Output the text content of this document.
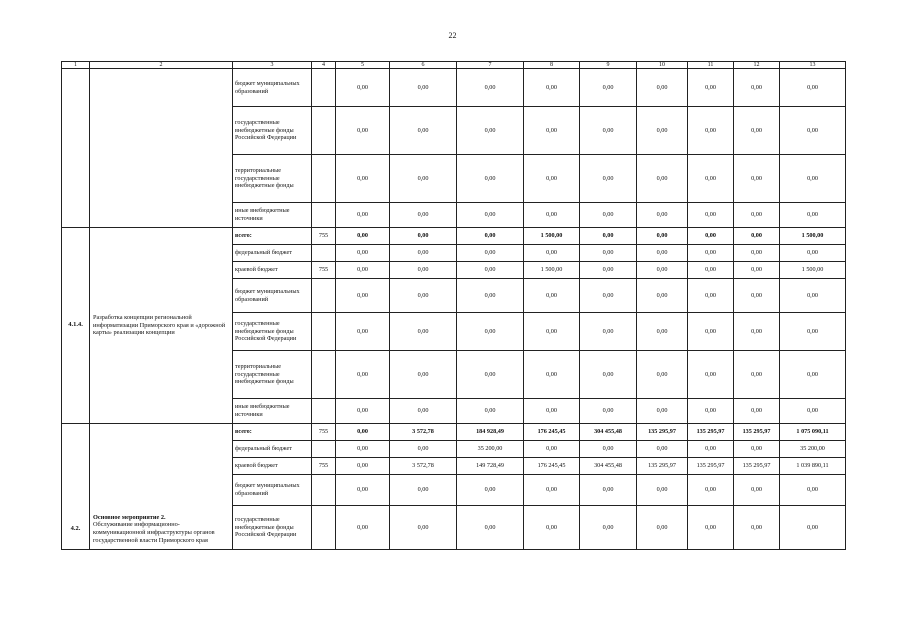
22
1	2	3	4	5	6	7	8	9	10	11	12	13
		бюджет муниципальных образований		0,00	0,00	0,00	0,00	0,00	0,00	0,00	0,00	0,00
		государственные внебюджетные фонды Российской Федерации		0,00	0,00	0,00	0,00	0,00	0,00	0,00	0,00	0,00
		территориальные государственные внебюджетные фонды		0,00	0,00	0,00	0,00	0,00	0,00	0,00	0,00	0,00
		иные внебюджетные источники		0,00	0,00	0,00	0,00	0,00	0,00	0,00	0,00	0,00
4.1.4.	Разработка концепции региональной информатизации Приморского края и «дорожной карты» реализации концепции	всего:	755	0,00	0,00	0,00	1 500,00	0,00	0,00	0,00	0,00	1 500,00
		федеральный бюджет		0,00	0,00	0,00	0,00	0,00	0,00	0,00	0,00	0,00
		краевой бюджет	755	0,00	0,00	0,00	1 500,00	0,00	0,00	0,00	0,00	1 500,00
		бюджет муниципальных образований		0,00	0,00	0,00	0,00	0,00	0,00	0,00	0,00	0,00
		государственные внебюджетные фонды Российской Федерации		0,00	0,00	0,00	0,00	0,00	0,00	0,00	0,00	0,00
		территориальные государственные внебюджетные фонды		0,00	0,00	0,00	0,00	0,00	0,00	0,00	0,00	0,00
		иные внебюджетные источники		0,00	0,00	0,00	0,00	0,00	0,00	0,00	0,00	0,00
4.2.	Основное мероприятие 2.
Обслуживание информационно-коммуникационной инфраструктуры органов государственной власти Приморского края	всего:	755	0,00	3 572,78	184 928,49	176 245,45	304 455,48	135 295,97	135 295,97	135 295,97	1 075 090,11
		федеральный бюджет		0,00	0,00	35 200,00	0,00	0,00	0,00	0,00	0,00	35 200,00
		краевой бюджет	755	0,00	3 572,78	149 728,49	176 245,45	304 455,48	135 295,97	135 295,97	135 295,97	1 039 890,11
		бюджет муниципальных образований		0,00	0,00	0,00	0,00	0,00	0,00	0,00	0,00	0,00
		государственные внебюджетные фонды Российской Федерации		0,00	0,00	0,00	0,00	0,00	0,00	0,00	0,00	0,00
